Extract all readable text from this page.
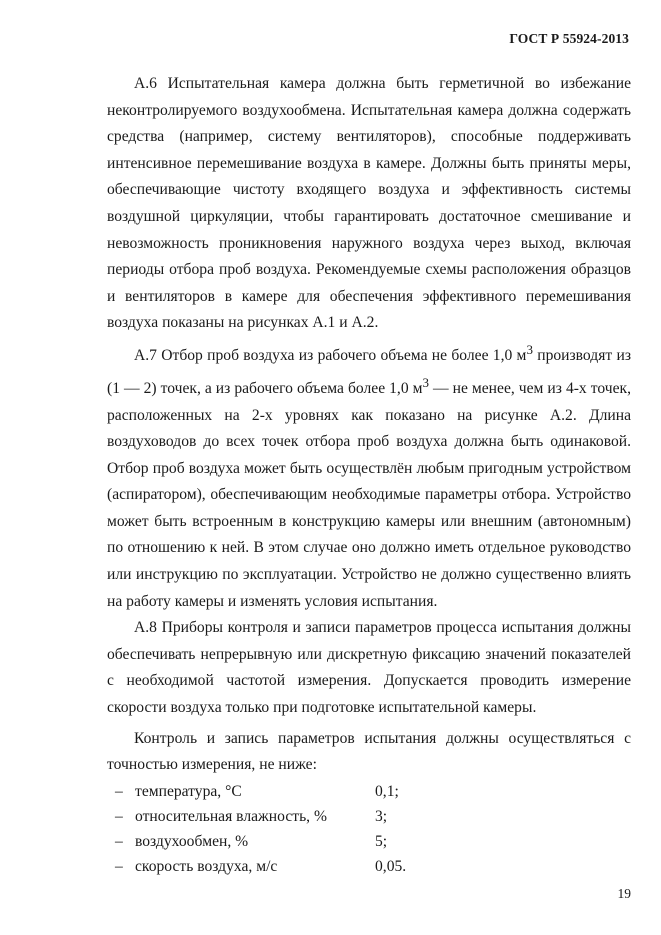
ГОСТ Р 55924-2013

А.6 Испытательная камера должна быть герметичной во избежание неконтролируемого воздухообмена. Испытательная камера должна содержать средства (например, систему вентиляторов), способные поддерживать интенсивное перемешивание воздуха в камере. Должны быть приняты меры, обеспечивающие чистоту входящего воздуха и эффективность системы воздушной циркуляции, чтобы гарантировать достаточное смешивание и невозможность проникновения наружного воздуха через выход, включая периоды отбора проб воздуха. Рекомендуемые схемы расположения образцов и вентиляторов в камере для обеспечения эффективного перемешивания воздуха показаны на рисунках А.1 и А.2.

А.7 Отбор проб воздуха из рабочего объема не более 1,0 $м^3$ производят из (1 — 2) точек, а из рабочего объема более 1,0 $м^3$ — не менее, чем из 4-х точек, расположенных на 2-х уровнях как показано на рисунке А.2. Длина воздуховодов до всех точек отбора проб воздуха должна быть одинаковой. Отбор проб воздуха может быть осуществлён любым пригодным устройством (аспиратором), обеспечивающим необходимые параметры отбора. Устройство может быть встроенным в конструкцию камеры или внешним (автономным) по отношению к ней. В этом случае оно должно иметь отдельное руководство или инструкцию по эксплуатации. Устройство не должно существенно влиять на работу камеры и изменять условия испытания.

А.8 Приборы контроля и записи параметров процесса испытания должны обеспечивать непрерывную или дискретную фиксацию значений показателей с необходимой частотой измерения. Допускается проводить измерение скорости воздуха только при подготовке испытательной камеры.

Контроль и запись параметров испытания должны осуществляться с точностью измерения, не ниже:

– температура, °С	0,1;
– относительная влажность, %	3;
– воздухообмен, %	5;
– скорость воздуха, м/с	0,05.
19
